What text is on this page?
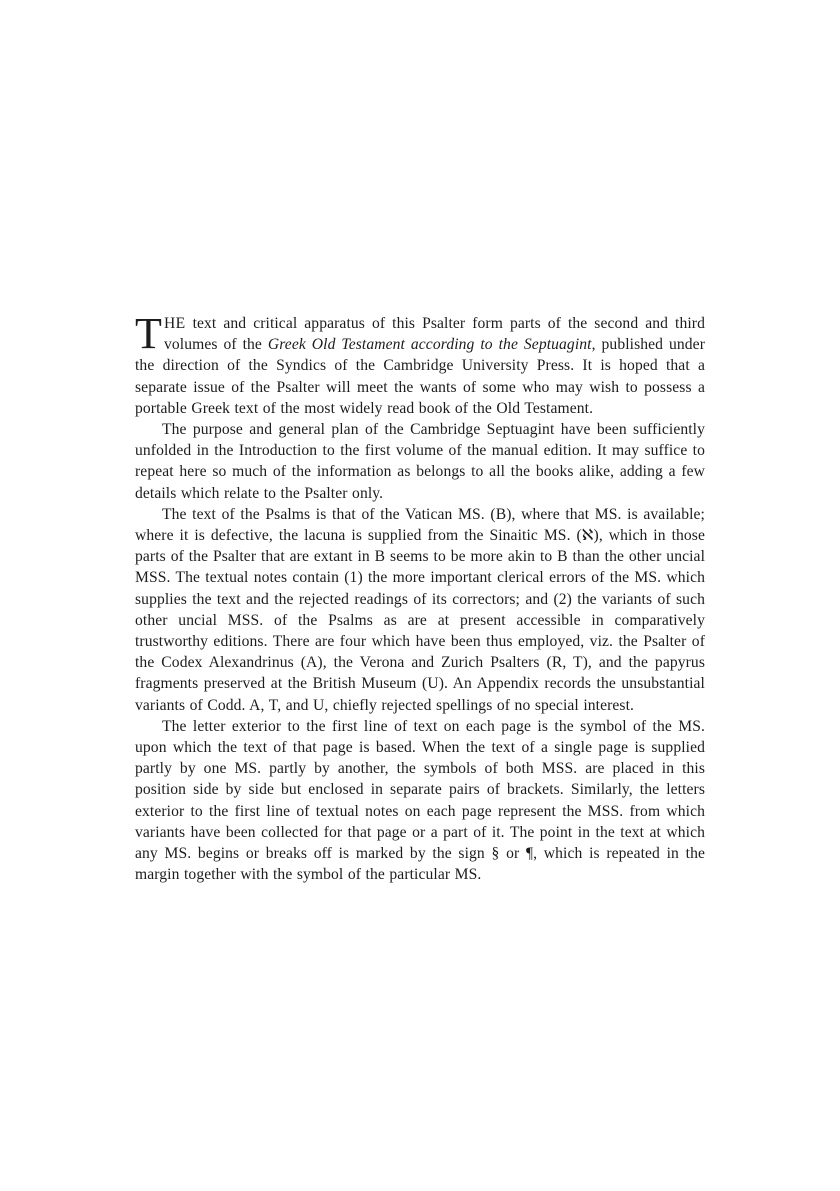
THE text and critical apparatus of this Psalter form parts of the second and third volumes of the Greek Old Testament according to the Septuagint, published under the direction of the Syndics of the Cambridge University Press. It is hoped that a separate issue of the Psalter will meet the wants of some who may wish to possess a portable Greek text of the most widely read book of the Old Testament.

The purpose and general plan of the Cambridge Septuagint have been sufficiently unfolded in the Introduction to the first volume of the manual edition. It may suffice to repeat here so much of the information as belongs to all the books alike, adding a few details which relate to the Psalter only.

The text of the Psalms is that of the Vatican MS. (B), where that MS. is available; where it is defective, the lacuna is supplied from the Sinaitic MS. (ℵ), which in those parts of the Psalter that are extant in B seems to be more akin to B than the other uncial MSS. The textual notes contain (1) the more important clerical errors of the MS. which supplies the text and the rejected readings of its correctors; and (2) the variants of such other uncial MSS. of the Psalms as are at present accessible in comparatively trustworthy editions. There are four which have been thus employed, viz. the Psalter of the Codex Alexandrinus (A), the Verona and Zurich Psalters (R, T), and the papyrus fragments preserved at the British Museum (U). An Appendix records the unsubstantial variants of Codd. A, T, and U, chiefly rejected spellings of no special interest.

The letter exterior to the first line of text on each page is the symbol of the MS. upon which the text of that page is based. When the text of a single page is supplied partly by one MS. partly by another, the symbols of both MSS. are placed in this position side by side but enclosed in separate pairs of brackets. Similarly, the letters exterior to the first line of textual notes on each page represent the MSS. from which variants have been collected for that page or a part of it. The point in the text at which any MS. begins or breaks off is marked by the sign § or ¶, which is repeated in the margin together with the symbol of the particular MS.
